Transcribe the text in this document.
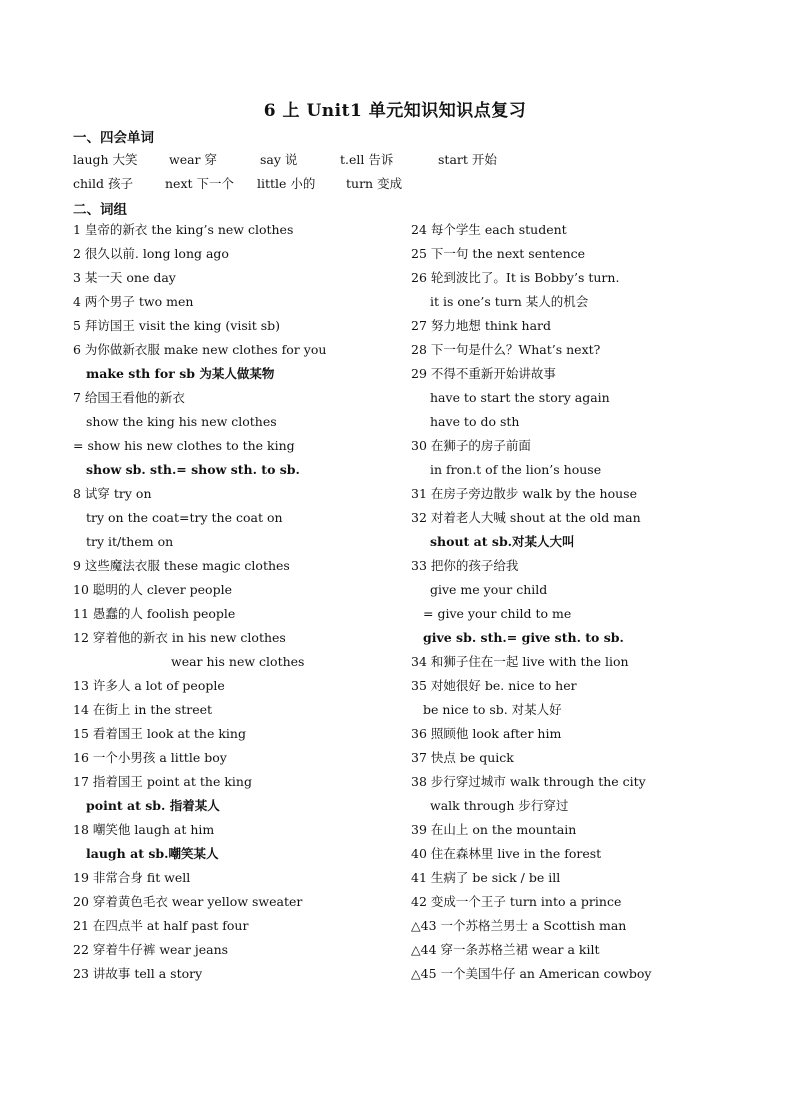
6 上 Unit1 单元知识知识点复习
一、四会单词
laugh 大笑	wear 穿	say 说	t.ell 告诉	start 开始
child 孩子	next 下一个 little 小的 turn 变成
二、词组
1 皇帝的新衣 the king’s new clothes
2 很久以前. long long ago
3 某一天 one day
4 两个男子 two men
5 拜访国王 visit the king (visit sb)
6 为你做新衣服 make new clothes for you
make sth for sb 为某人做某物
7 给国王看他的新衣
show the king his new clothes
= show his new clothes to the king
show sb. sth.= show sth. to sb.
8 试穿 try on
try on the coat=try the coat on
try it/them on
9 这些魔法衣服 these magic clothes
10 聪明的人 clever people
11 愚蠢的人 foolish people
12 穿着他的新衣 in his new clothes
wear his new clothes
13 许多人 a lot of people
14 在街上 in the street
15 看着国王 look at the king
16 一个小男孩 a little boy
17 指着国王 point at the king
point at sb. 指着某人
18 嘲笑他 laugh at him
laugh at sb.嘲笑某人
19 非常合身 fit well
20 穿着黄色毛衣 wear yellow sweater
21 在四点半 at half past four
22 穿着牛仔裤 wear jeans
23 讲故事 tell a story
24 每个学生 each student
25 下一句 the next sentence
26 轮到波比了。It is Bobby’s turn.
it is one’s turn 某人的机会
27 努力地想 think hard
28 下一句是什么？What’s next?
29 不得不重新开始讲故事
have to start the story again
have to do sth
30 在狮子的房子前面
in fron.t of the lion’s house
31 在房子旁边散步 walk by the house
32 对着老人大喊 shout at the old man
shout at sb.对某人大叫
33 把你的孩子给我
give me your child
= give your child to me
give sb. sth.= give sth. to sb.
34 和狮子住在一起 live with the lion
35 对她很好 be. nice to her
be nice to sb. 对某人好
36 照顾他 look after him
37 快点 be quick
38 步行穿过城市 walk through the city
walk through 步行穿过
39 在山上 on the mountain
40 住在森林里 live in the forest
41 生病了 be sick / be ill
42 变成一个王子 turn into a prince
△43 一个苏格兰男士 a Scottish man
△44 穿一条苏格兰裙 wear a kilt
△45 一个美国牛仔 an American cowboy
